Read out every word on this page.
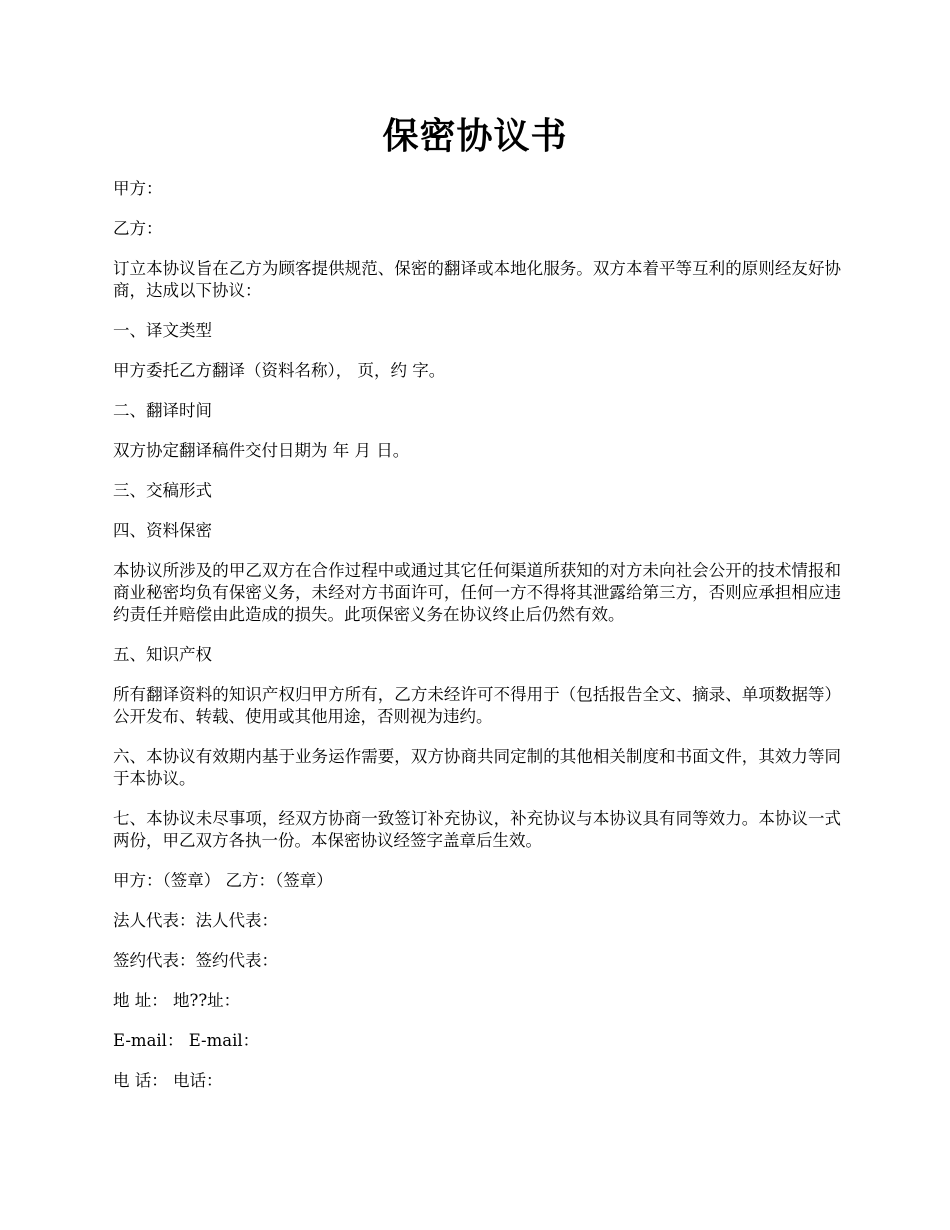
保密协议书

甲方：

乙方：

订立本协议旨在乙方为顾客提供规范、保密的翻译或本地化服务。双方本着平等互利的原则经友好协商，达成以下协议：

一、译文类型

甲方委托乙方翻译（资料名称）， 页，约 字。

二、翻译时间

双方协定翻译稿件交付日期为 年 月 日。

三、交稿形式

四、资料保密

本协议所涉及的甲乙双方在合作过程中或通过其它任何渠道所获知的对方未向社会公开的技术情报和商业秘密均负有保密义务，未经对方书面许可，任何一方不得将其泄露给第三方，否则应承担相应违约责任并赔偿由此造成的损失。此项保密义务在协议终止后仍然有效。

五、知识产权

所有翻译资料的知识产权归甲方所有，乙方未经许可不得用于（包括报告全文、摘录、单项数据等）公开发布、转载、使用或其他用途，否则视为违约。

六、本协议有效期内基于业务运作需要，双方协商共同定制的其他相关制度和书面文件，其效力等同于本协议。

七、本协议未尽事项，经双方协商一致签订补充协议，补充协议与本协议具有同等效力。本协议一式两份，甲乙双方各执一份。本保密协议经签字盖章后生效。

甲方：（签章） 乙方：（签章）

法人代表：法人代表：

签约代表：签约代表：

地 址： 地??址：

E-mail： E-mail：

电 话： 电话：
